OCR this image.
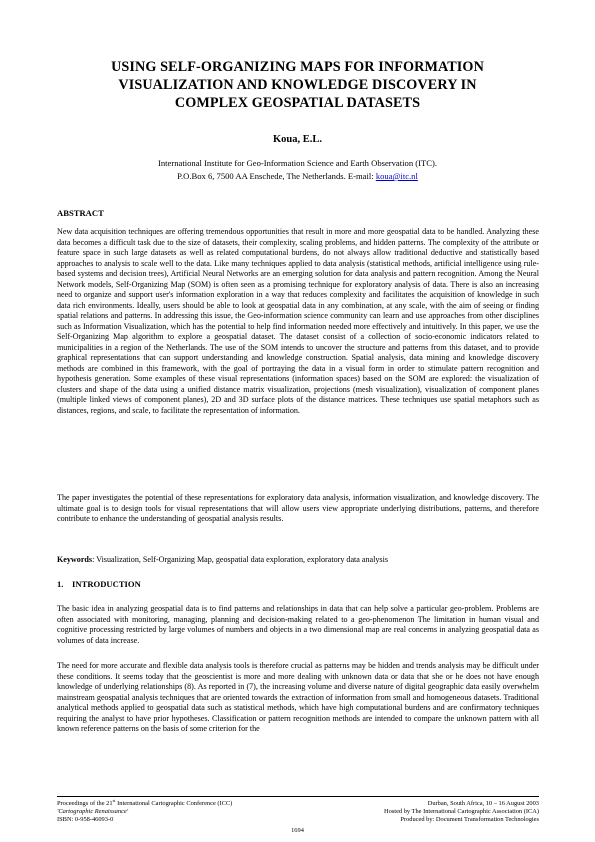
USING SELF-ORGANIZING MAPS FOR INFORMATION
VISUALIZATION AND KNOWLEDGE DISCOVERY IN
COMPLEX GEOSPATIAL DATASETS
Koua, E.L.
International Institute for Geo-Information Science and Earth Observation (ITC).
P.O.Box 6, 7500 AA Enschede, The Netherlands. E-mail: koua@itc.nl
ABSTRACT

New data acquisition techniques are offering tremendous opportunities that result in more and more geospatial data to be handled. Analyzing these data becomes a difficult task due to the size of datasets, their complexity, scaling problems, and hidden patterns. The complexity of the attribute or feature space in such large datasets as well as related computational burdens, do not always allow traditional deductive and statistically based approaches to analysis to scale well to the data. Like many techniques applied to data analysis (statistical methods, artificial intelligence using rule-based systems and decision trees), Artificial Neural Networks are an emerging solution for data analysis and pattern recognition. Among the Neural Network models, Self-Organizing Map (SOM) is often seen as a promising technique for exploratory analysis of data. There is also an increasing need to organize and support user's information exploration in a way that reduces complexity and facilitates the acquisition of knowledge in such data rich environments. Ideally, users should be able to look at geospatial data in any combination, at any scale, with the aim of seeing or finding spatial relations and patterns. In addressing this issue, the Geo-information science community can learn and use approaches from other disciplines such as Information Visualization, which has the potential to help find information needed more effectively and intuitively. In this paper, we use the Self-Organizing Map algorithm to explore a geospatial dataset. The dataset consist of a collection of socio-economic indicators related to municipalities in a region of the Netherlands. The use of the SOM intends to uncover the structure and patterns from this dataset, and to provide graphical representations that can support understanding and knowledge construction. Spatial analysis, data mining and knowledge discovery methods are combined in this framework, with the goal of portraying the data in a visual form in order to stimulate pattern recognition and hypothesis generation. Some examples of these visual representations (information spaces) based on the SOM are explored: the visualization of clusters and shape of the data using a unified distance matrix visualization, projections (mesh visualization), visualization of component planes (multiple linked views of component planes), 2D and 3D surface plots of the distance matrices. These techniques use spatial metaphors such as distances, regions, and scale, to facilitate the representation of information.

The paper investigates the potential of these representations for exploratory data analysis, information visualization, and knowledge discovery. The ultimate goal is to design tools for visual representations that will allow users view appropriate underlying distributions, patterns, and therefore contribute to enhance the understanding of geospatial analysis results.

Keywords: Visualization, Self-Organizing Map, geospatial data exploration, exploratory data analysis

1.    INTRODUCTION

The basic idea in analyzing geospatial data is to find patterns and relationships in data that can help solve a particular geo-problem. Problems are often associated with monitoring, managing, planning and decision-making related to a geo-phenomenon The limitation in human visual and cognitive processing restricted by large volumes of numbers and objects in a two dimensional map are real concerns in analyzing geospatial data as volumes of data increase.

The need for more accurate and flexible data analysis tools is therefore crucial as patterns may be hidden and trends analysis may be difficult under these conditions. It seems today that the geoscientist is more and more dealing with unknown data or data that she or he does not have enough knowledge of underlying relationships (8). As reported in (7), the increasing volume and diverse nature of digital geographic data easily overwhelm mainstream geospatial analysis techniques that are oriented towards the extraction of information from small and homogeneous datasets. Traditional analytical methods applied to geospatial data such as statistical methods, which have high computational burdens and are confirmatory techniques requiring the analyst to have prior hypotheses. Classification or pattern recognition methods are intended to compare the unknown pattern with all known reference patterns on the basis of some criterion for the

Proceedings of the 21st International Cartographic Conference (ICC)
'Cartographic Renaissance'
ISBN: 0-958-46093-0
Durban, South Africa, 10 – 16 August 2003
Hosted by The International Cartographic Association (ICA)
Produced by: Document Transformation Technologies
1694
